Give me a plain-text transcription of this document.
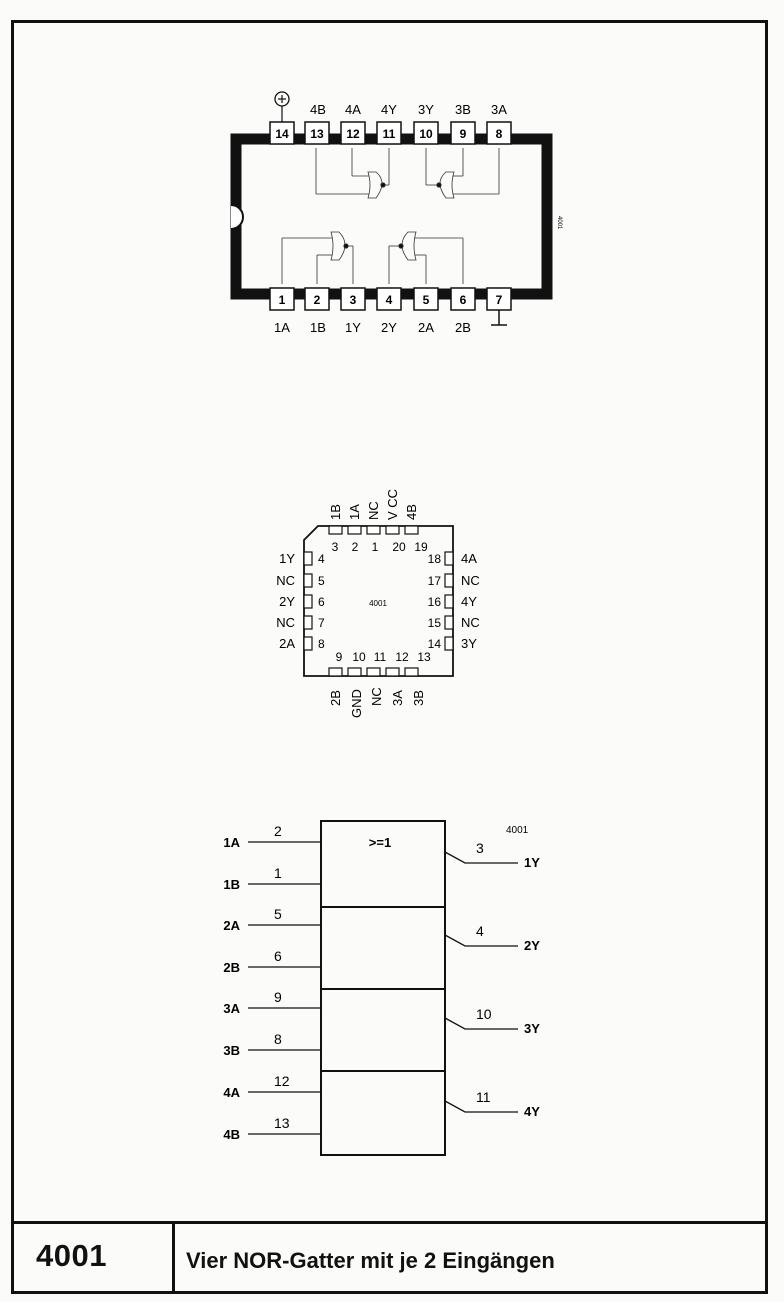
4001
14 13 12 11 10 9 8
4B 4A 4Y 3Y 3B 3A
1 2 3 4	5	6 7
1A 1B 1Y 2Y 2A 2B
4001
1B 1A NC V CC 4B
3 2 1 20 19
1Y
NC
2Y
NC
2A
4
5
6
7
8
18
17
16
15
14
4A
NC
4Y
NC
3Y
9 10 11 12 13
2B GND NC 3A 3B
4001
>=1
1A
1B
2A
2B
3A
3B
4A
4B
2
1
5
6
9
8
12
13
3
4
10
11
1Y
2Y
3Y
4Y
4001	Vier NOR-Gatter mit je 2 Eingängen
